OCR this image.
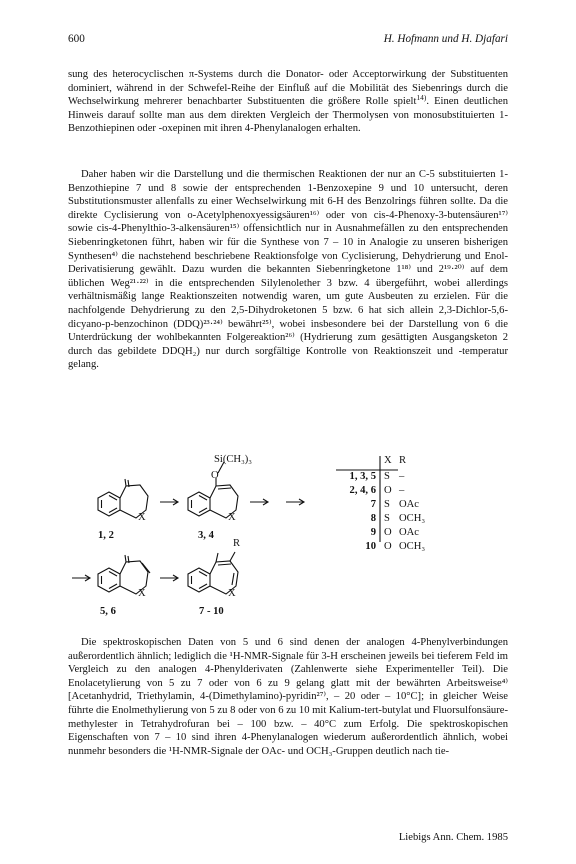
600	H. Hofmann und H. Djafari

sung des heterocyclischen π-Systems durch die Donator- oder Acceptorwirkung der Substituenten dominiert, während in der Schwefel-Reihe der Einfluß auf die Mobilität des Siebenrings durch die Wechselwirkung mehrerer benachbarter Substituenten die größere Rolle spielt$^{14)}$. Einen deutlichen Hinweis darauf sollte man aus dem direkten Vergleich der Thermolysen von monosubstituierten 1-Benzothiepinen oder -oxepinen mit ihren 4-Phenylanalogen erhalten.

Daher haben wir die Darstellung und die thermischen Reaktionen der nur an C-5 substituierten 1-Benzothiepine 7 und 8 sowie der entsprechenden 1-Benzoxepine 9 und 10 untersucht, deren Substitutionsmuster allenfalls zu einer Wechselwirkung mit 6-H des Benzolrings führen sollte. Da die direkte Cyclisierung von o-Acetylphenoxyessigsäuren¹⁶⁾ oder von cis-4-Phenoxy-3-butensäuren¹⁷⁾ sowie cis-4-Phenylthio-3-alkensäuren¹⁵⁾ offensichtlich nur in Ausnahmefällen zu den entsprechenden Siebenringketonen führt, haben wir für die Synthese von 7 – 10 in Analogie zu unseren bisherigen Synthesen⁴⁾ die nachstehend beschriebene Reaktionsfolge von Cyclisierung, Dehydrierung und Enol-Derivatisierung gewählt. Dazu wurden die bekannten Siebenringketone 1¹⁸⁾ und 2¹⁹·²⁰⁾ auf dem üblichen Weg²¹·²²⁾ in die entsprechenden Silylenolether 3 bzw. 4 übergeführt, wobei allerdings verhältnismäßig lange Reaktionszeiten notwendig waren, um gute Ausbeuten zu erzielen. Für die nachfolgende Dehydrierung zu den 2,5-Dihydroketonen 5 bzw. 6 hat sich allein 2,3-Dichlor-5,6-dicyano-p-benzochinon (DDQ)²³·²⁴⁾ bewährt²⁵⁾, wobei insbesondere bei der Darstellung von 6 die Unterdrückung der wohlbekannten Folgereaktion²⁶⁾ (Hydrierung zum gesättigten Ausgangsketon 2 durch das gebildete DDQH₂) nur durch sorgfältige Kontrolle von Reaktionszeit und -temperatur gelang.

Si(CH₃)₃
O
X	X
R
X	X
1, 2	3, 4
5, 6	7 - 10
X R
1, 3, 5 S –
2, 4, 6 O –
7 S OAc
8 S OCH₃
9 O OAc
10 O OCH₃

Die spektroskopischen Daten von 5 und 6 sind denen der analogen 4-Phenylverbindungen außerordentlich ähnlich; lediglich die ¹H-NMR-Signale für 3-H erscheinen jeweils bei tieferem Feld im Vergleich zu den analogen 4-Phenylderivaten (Zahlenwerte siehe Experimenteller Teil). Die Enolacetylierung von 5 zu 7 oder von 6 zu 9 gelang glatt mit der bewährten Arbeitsweise⁴⁾ [Acetanhydrid, Triethylamin, 4-(Dimethylamino)-pyridin²⁷⁾, – 20 oder – 10°C]; in gleicher Weise führte die Enolmethylierung von 5 zu 8 oder von 6 zu 10 mit Kalium-tert-butylat und Fluorsulfonsäure-methylester in Tetrahydrofuran bei – 100 bzw. – 40°C zum Erfolg. Die spektroskopischen Eigenschaften von 7 – 10 sind ihren 4-Phenylanalogen wiederum außerordentlich ähnlich, wobei nunmehr besonders die ¹H-NMR-Signale der OAc- und OCH₃-Gruppen deutlich nach tie-

Liebigs Ann. Chem. 1985
